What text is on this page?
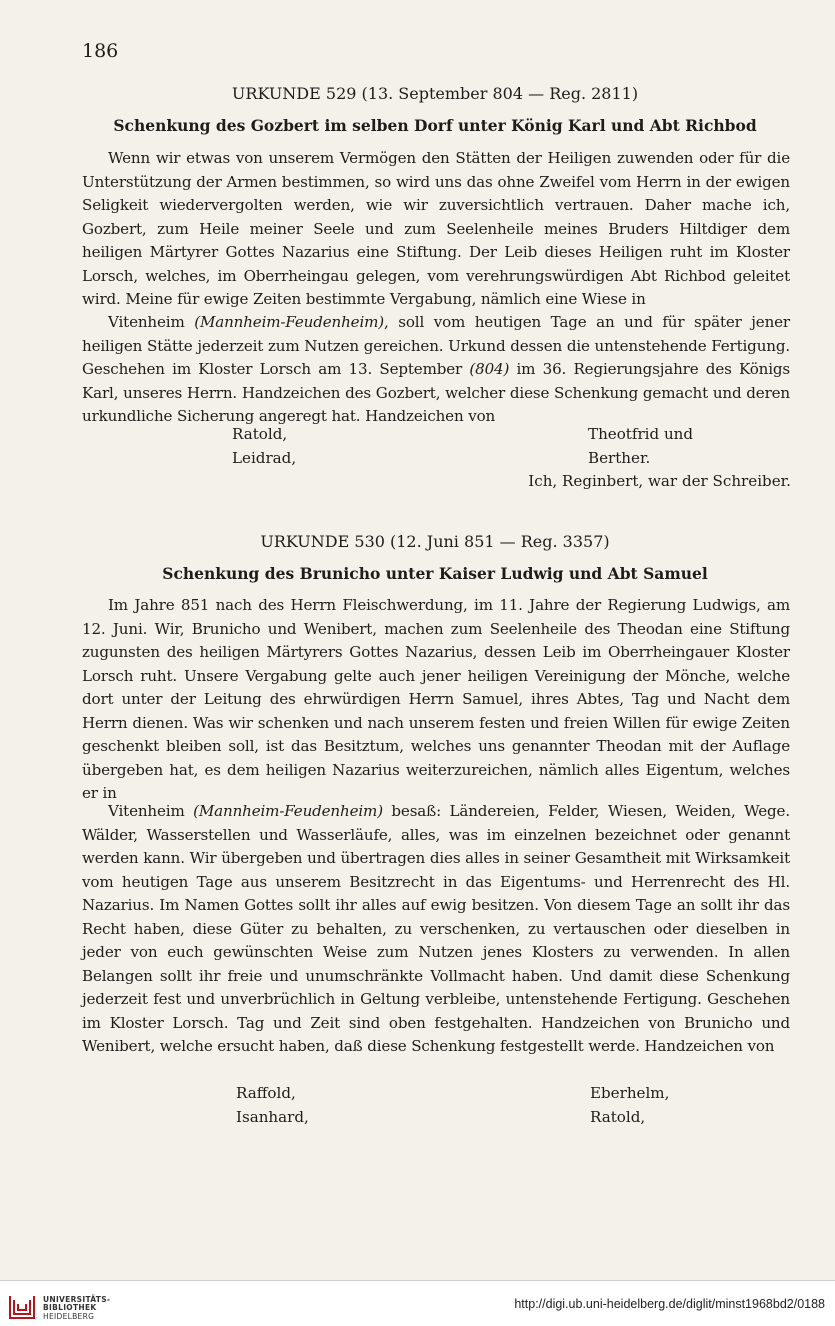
186
URKUNDE 529 (13. September 804 — Reg. 2811)
Schenkung des Gozbert im selben Dorf unter König Karl und Abt Richbod

Wenn wir etwas von unserem Vermögen den Stätten der Heiligen zuwenden oder für die Unterstützung der Armen bestimmen, so wird uns das ohne Zweifel vom Herrn in der ewigen Seligkeit wiedervergolten werden, wie wir zuversichtlich vertrauen. Daher mache ich, Gozbert, zum Heile meiner Seele und zum Seelenheile meines Bruders Hiltdiger dem heiligen Märtyrer Gottes Nazarius eine Stiftung. Der Leib dieses Heiligen ruht im Kloster Lorsch, welches, im Oberrheingau gelegen, vom verehrungswürdigen Abt Richbod geleitet wird. Meine für ewige Zeiten bestimmte Vergabung, nämlich eine Wiese in

Vitenheim (Mannheim-Feudenheim), soll vom heutigen Tage an und für später jener heiligen Stätte jederzeit zum Nutzen gereichen. Urkund dessen die untenstehende Fertigung. Geschehen im Kloster Lorsch am 13. September (804) im 36. Regierungsjahre des Königs Karl, unseres Herrn. Handzeichen des Gozbert, welcher diese Schenkung gemacht und deren urkundliche Sicherung angeregt hat. Handzeichen von

Ratold,
Leidrad,
Theotfrid und
Berther.
Ich, Reginbert, war der Schreiber.
URKUNDE 530 (12. Juni 851 — Reg. 3357)
Schenkung des Brunicho unter Kaiser Ludwig und Abt Samuel

Im Jahre 851 nach des Herrn Fleischwerdung, im 11. Jahre der Regierung Ludwigs, am 12. Juni. Wir, Brunicho und Wenibert, machen zum Seelenheile des Theodan eine Stiftung zugunsten des heiligen Märtyrers Gottes Nazarius, dessen Leib im Oberrheingauer Kloster Lorsch ruht. Unsere Vergabung gelte auch jener heiligen Vereinigung der Mönche, welche dort unter der Leitung des ehrwürdigen Herrn Samuel, ihres Abtes, Tag und Nacht dem Herrn dienen. Was wir schenken und nach unserem festen und freien Willen für ewige Zeiten geschenkt bleiben soll, ist das Besitztum, welches uns genannter Theodan mit der Auflage übergeben hat, es dem heiligen Nazarius weiterzureichen, nämlich alles Eigentum, welches er in

Vitenheim (Mannheim-Feudenheim) besaß: Ländereien, Felder, Wiesen, Weiden, Wege. Wälder, Wasserstellen und Wasserläufe, alles, was im einzelnen bezeichnet oder genannt werden kann. Wir übergeben und übertragen dies alles in seiner Gesamtheit mit Wirksamkeit vom heutigen Tage aus unserem Besitzrecht in das Eigentums- und Herrenrecht des Hl. Nazarius. Im Namen Gottes sollt ihr alles auf ewig besitzen. Von diesem Tage an sollt ihr das Recht haben, diese Güter zu behalten, zu verschenken, zu vertauschen oder dieselben in jeder von euch gewünschten Weise zum Nutzen jenes Klosters zu verwenden. In allen Belangen sollt ihr freie und unumschränkte Vollmacht haben. Und damit diese Schenkung jederzeit fest und unverbrüchlich in Geltung verbleibe, untenstehende Fertigung. Geschehen im Kloster Lorsch. Tag und Zeit sind oben festgehalten. Handzeichen von Brunicho und Wenibert, welche ersucht haben, daß diese Schenkung festgestellt werde. Handzeichen von

Raffold,
Isanhard,
Eberhelm,
Ratold,
UNIVERSITÄTS-
BIBLIOTHEK
HEIDELBERG
http://digi.ub.uni-heidelberg.de/diglit/minst1968bd2/0188
